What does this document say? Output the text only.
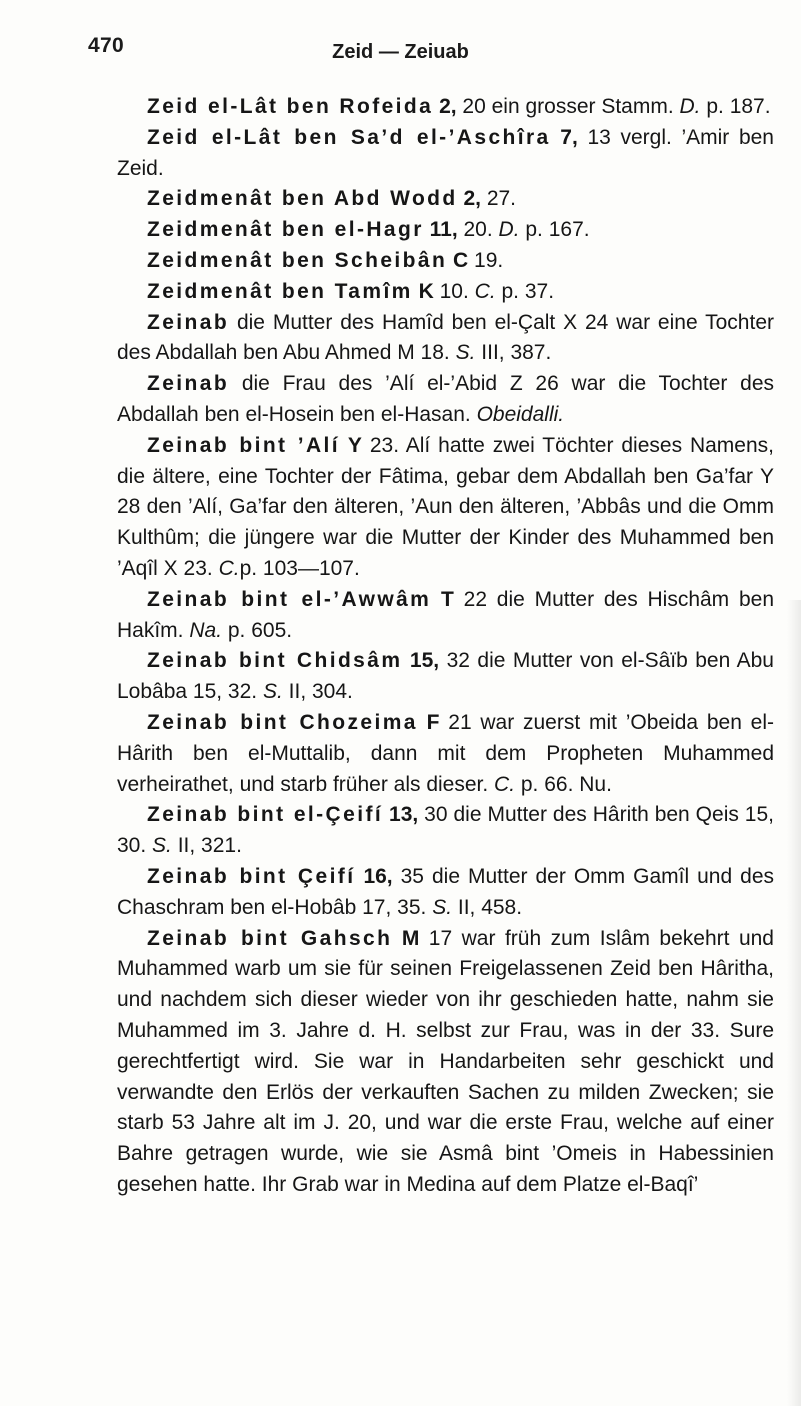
470	Zeid — Zeiuab

Zeid el-Lât ben Rofeida 2, 20 ein grosser Stamm. D. p. 187.

Zeid el-Lât ben Sa’d el-’Aschîra 7, 13 vergl. ’Amir ben Zeid.

Zeidmenât ben Abd Wodd 2, 27.

Zeidmenât ben el-Hagr 11, 20. D. p. 167.

Zeidmenât ben Scheibân C 19.

Zeidmenât ben Tamîm K 10. C. p. 37.

Zeinab die Mutter des Hamîd ben el-Çalt X 24 war eine Tochter des Abdallah ben Abu Ahmed M 18. S. III, 387.

Zeinab die Frau des ’Alí el-’Abid Z 26 war die Tochter des Abdallah ben el-Hosein ben el-Hasan. Obeidalli.

Zeinab bint ’Alí Y 23. Alí hatte zwei Töchter dieses Namens, die ältere, eine Tochter der Fâtima, gebar dem Abdallah ben Ga’far Y 28 den ’Alí, Ga’far den älteren, ’Aun den älteren, ’Abbâs und die Omm Kulthûm; die jüngere war die Mutter der Kinder des Muhammed ben ’Aqîl X 23. C.p. 103—107.

Zeinab bint el-’Awwâm T 22 die Mutter des Hischâm ben Hakîm. Na. p. 605.

Zeinab bint Chidsâm 15, 32 die Mutter von el-Sâïb ben Abu Lobâba 15, 32. S. II, 304.

Zeinab bint Chozeima F 21 war zuerst mit ’Obeida ben el-Hârith ben el-Muttalib, dann mit dem Propheten Muhammed verheirathet, und starb früher als dieser. C. p. 66. Nu.

Zeinab bint el-Çeifí 13, 30 die Mutter des Hârith ben Qeis 15, 30. S. II, 321.

Zeinab bint Çeifí 16, 35 die Mutter der Omm Gamîl und des Chaschram ben el-Hobâb 17, 35. S. II, 458.

Zeinab bint Gahsch M 17 war früh zum Islâm bekehrt und Muhammed warb um sie für seinen Freigelassenen Zeid ben Hâritha, und nachdem sich dieser wieder von ihr geschieden hatte, nahm sie Muhammed im 3. Jahre d. H. selbst zur Frau, was in der 33. Sure gerechtfertigt wird. Sie war in Handarbeiten sehr geschickt und verwandte den Erlös der verkauften Sachen zu milden Zwecken; sie starb 53 Jahre alt im J. 20, und war die erste Frau, welche auf einer Bahre getragen wurde, wie sie Asmâ bint ’Omeis in Habessinien gesehen hatte. Ihr Grab war in Medina auf dem Platze el-Baqî’
